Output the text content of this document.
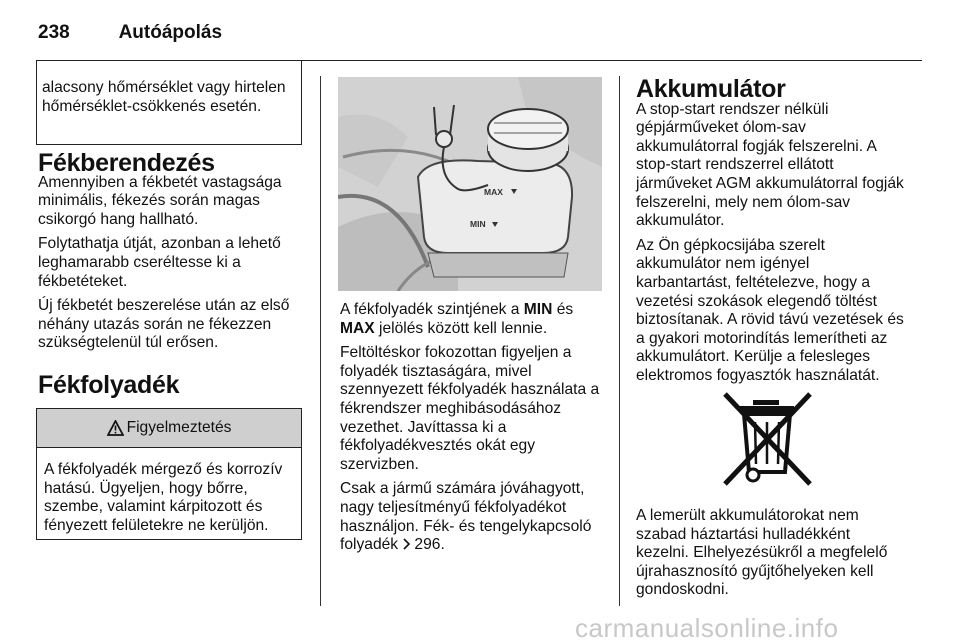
238	Autóápolás
alacsony hőmérséklet vagy hirtelen hőmérséklet-csökkenés esetén.
Fékberendezés

Amennyiben a fékbetét vastagsága minimális, fékezés során magas csikorgó hang hallható.

Folytathatja útját, azonban a lehető leghamarabb cseréltesse ki a fékbetéteket.

Új fékbetét beszerelése után az első néhány utazás során ne fékezzen szükségtelenül túl erősen.

Fékfolyadék
Figyelmeztetés
A fékfolyadék mérgező és korrozív hatású. Ügyeljen, hogy bőrre, szembe, valamint kárpitozott és fényezett felületekre ne kerüljön.
MAX
MIN

A fékfolyadék szintjének a MIN és
MAX jelölés között kell lennie.

Feltöltéskor fokozottan figyeljen a folyadék tisztaságára, mivel szennyezett fékfolyadék használata a fékrendszer meghibásodásához vezethet. Javíttassa ki a fékfolyadékvesztés okát egy szervizben.

Csak a jármű számára jóváhagyott, nagy teljesítményű fékfolyadékot használjon. Fék- és tengelykapcsoló folyadék 296.

Akkumulátor

A stop-start rendszer nélküli gépjárműveket ólom-sav akkumulátorral fogják felszerelni. A stop-start rendszerrel ellátott járműveket AGM akkumulátorral fogják felszerelni, mely nem ólom-sav akkumulátor.

Az Ön gépkocsijába szerelt akkumulátor nem igényel karbantartást, feltételezve, hogy a vezetési szokások elegendő töltést biztosítanak. A rövid távú vezetések és a gyakori motorindítás lemerítheti az akkumulátort. Kerülje a felesleges elektromos fogyasztók használatát.

A lemerült akkumulátorokat nem szabad háztartási hulladékként kezelni. Elhelyezésükről a megfelelő újrahasznosító gyűjtőhelyeken kell gondoskodni.

carmanualsonline.info
